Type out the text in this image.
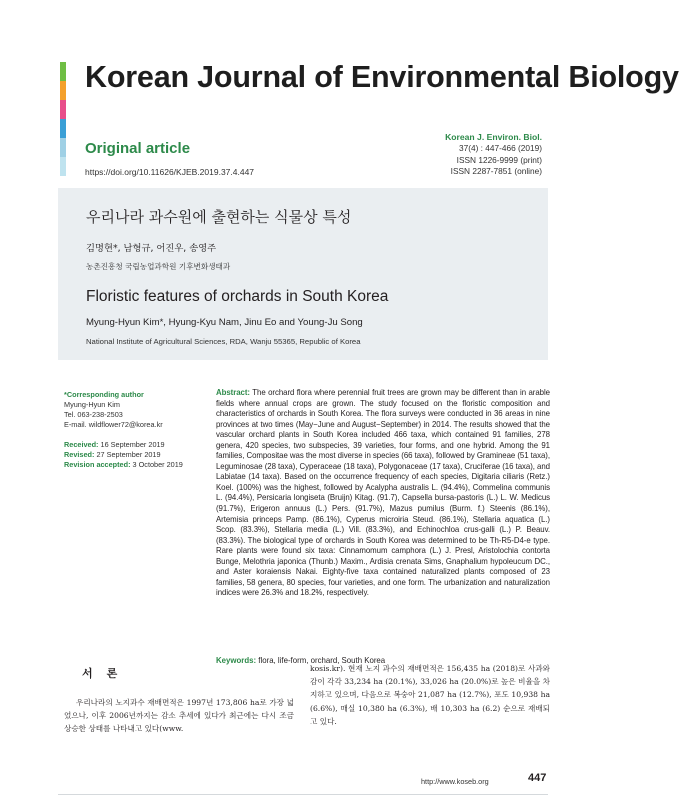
Korean Journal of Environmental Biology
Original article
https://doi.org/10.11626/KJEB.2019.37.4.447
Korean J. Environ. Biol.
37(4) : 447-466 (2019)
ISSN 1226-9999 (print)
ISSN 2287-7851 (online)
우리나라 과수원에 출현하는 식물상 특성
김명현*, 남형규, 어진우, 송영주
농촌진흥청 국립농업과학원 기후변화생태과
Floristic features of orchards in South Korea
Myung-Hyun Kim*, Hyung-Kyu Nam, Jinu Eo and Young-Ju Song
National Institute of Agricultural Sciences, RDA, Wanju 55365, Republic of Korea
*Corresponding author
Myung-Hyun Kim
Tel. 063-238-2503
E-mail. wildflower72@korea.kr
Received: 16 September 2019
Revised: 27 September 2019
Revision accepted: 3 October 2019
Abstract: The orchard flora where perennial fruit trees are grown may be different than in arable fields where annual crops are grown. The study focused on the floristic composition and characteristics of orchards in South Korea. The flora surveys were conducted in 36 areas in nine provinces at two times (May−June and August−September) in 2014. The results showed that the vascular orchard plants in South Korea included 466 taxa, which contained 91 families, 278 genera, 420 species, two subspecies, 39 varieties, four forms, and one hybrid. Among the 91 families, Compositae was the most diverse in species (66 taxa), followed by Gramineae (51 taxa), Leguminosae (28 taxa), Cyperaceae (18 taxa), Polygonaceae (17 taxa), Cruciferae (16 taxa), and Labiatae (14 taxa). Based on the occurrence frequency of each species, Digitaria ciliaris (Retz.) Koel. (100%) was the highest, followed by Acalypha australis L. (94.4%), Commelina communis L. (94.4%), Persicaria longiseta (Bruijn) Kitag. (91.7), Capsella bursa-pastoris (L.) L. W. Medicus (91.7%), Erigeron annuus (L.) Pers. (91.7%), Mazus pumilus (Burm. f.) Steenis (86.1%), Artemisia princeps Pamp. (86.1%), Cyperus microiria Steud. (86.1%), Stellaria aquatica (L.) Scop. (83.3%), Stellaria media (L.) Vill. (83.3%), and Echinochloa crus-galli (L.) P. Beauv. (83.3%). The biological type of orchards in South Korea was determined to be Th-R5-D4-e type. Rare plants were found six taxa: Cinnamomum camphora (L.) J. Presl, Aristolochia contorta Bunge, Melothria japonica (Thunb.) Maxim., Ardisia crenata Sims, Gnaphalium hypoleucum DC., and Aster koraiensis Nakai. Eighty-five taxa contained naturalized plants composed of 23 families, 58 genera, 80 species, four varieties, and one form. The urbanization and naturalization indices were 26.3% and 18.2%, respectively.
Keywords: flora, life-form, orchard, South Korea
서론
우리나라의 노지과수 재배면적은 1997년 173,806 ha로 가장 넓었으나, 이후 2006년까지는 감소 추세에 있다가 최근에는 다시 조금 상승한 상태를 나타내고 있다(www.
kosis.kr). 현재 노지 과수의 재배면적은 156,435 ha (2018)로 사과와 감이 각각 33,234 ha (20.1%), 33,026 ha (20.0%)로 높은 비율을 차지하고 있으며, 다음으로 복숭아 21,087 ha (12.7%), 포도 10,938 ha (6.6%), 매실 10,380 ha (6.3%), 배 10,303 ha (6.2) 순으로 재배되고 있다.
http://www.koseb.org	447
